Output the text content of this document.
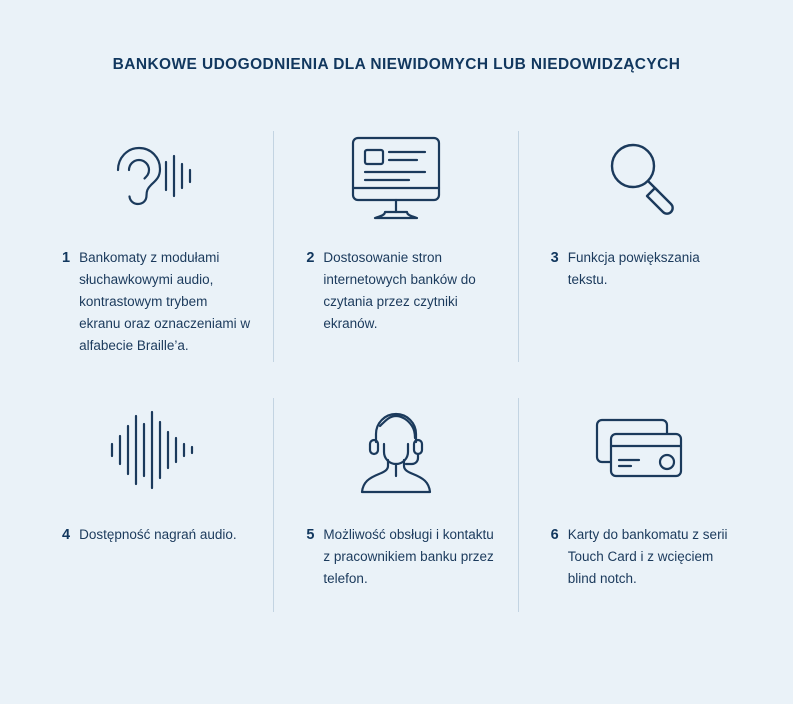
BANKOWE UDOGODNIENIA DLA NIEWIDOMYCH LUB NIEDOWIDZĄCYCH
1 Bankomaty z modułami słuchawkowymi audio, kontrastowym trybem ekranu oraz oznaczeniami w alfabecie Braille’a.
2 Dostosowanie stron internetowych banków do czytania przez czytniki ekranów.
3 Funkcja powiększania tekstu.
4 Dostępność nagrań audio.	5 Możliwość obsługi i kontaktu z pracownikiem banku przez telefon.
6 Karty do bankomatu z serii Touch Card i z wcięciem blind notch.
